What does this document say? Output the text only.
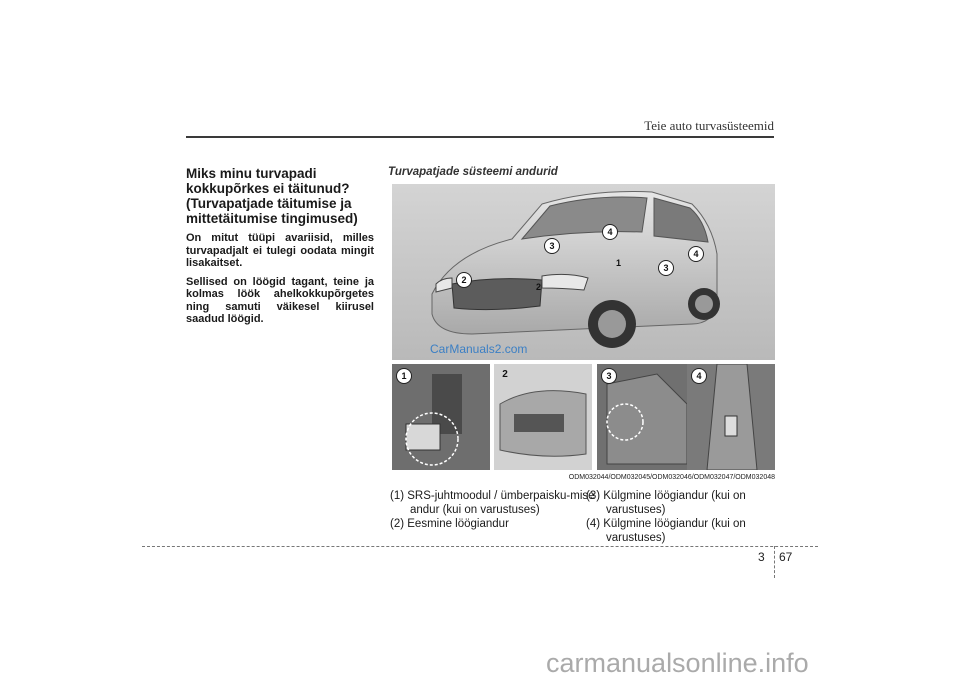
Teie auto turvasüsteemid
Miks minu turvapadi kokkupõrkes ei täitunud? (Turvapatjade täitumise ja mittetäitumise tingimused)
On mitut tüüpi avariisid, milles turvapadjalt ei tulegi oodata mingit lisakaitset.
Sellised on löögid tagant, teine ja kolmas löök ahelkokkupõrgetes ning samuti väikesel kiirusel saadud löögid.
Turvapatjade süsteemi andurid
3
4
1	3
4
2
2
CarManuals2.com
1	2	3	4
ODM032044/ODM032045/ODM032046/ODM032047/ODM032048
(1) SRS-juhtmoodul / ümberpaisku-mise andur (kui on varustuses)
(2) Eesmine löögiandur
(3) Külgmine löögiandur (kui on varustuses)
(4) Külgmine löögiandur (kui on varustuses)
3 67
carmanualsonline.info
